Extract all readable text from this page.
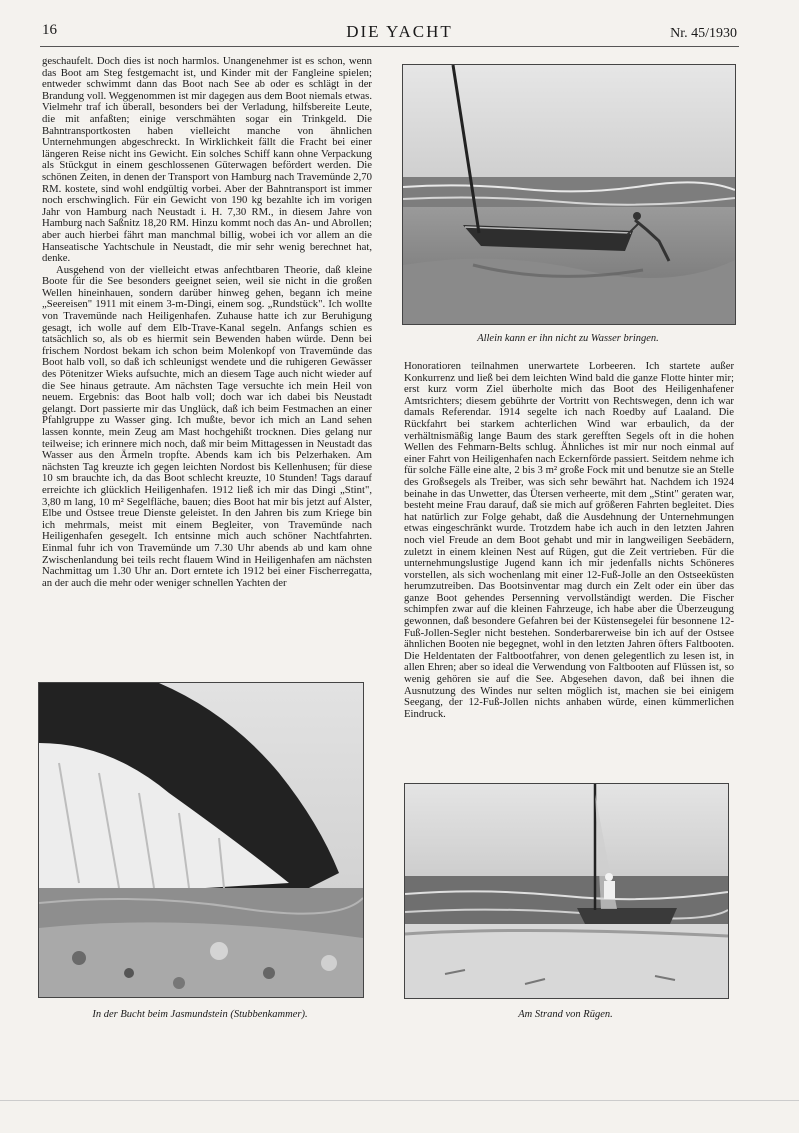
16	DIE YACHT	Nr. 45/1930

geschaufelt. Doch dies ist noch harmlos. Unangenehmer ist es schon, wenn das Boot am Steg festgemacht ist, und Kinder mit der Fangleine spielen; entweder schwimmt dann das Boot nach See ab oder es schlägt in der Brandung voll. Weggenommen ist mir dagegen aus dem Boot niemals etwas. Vielmehr traf ich überall, besonders bei der Verladung, hilfsbereite Leute, die mit anfaßten; einige verschmähten sogar ein Trinkgeld. Die Bahntransportkosten haben vielleicht manche von ähnlichen Unternehmungen abgeschreckt. In Wirklichkeit fällt die Fracht bei einer längeren Reise nicht ins Gewicht. Ein solches Schiff kann ohne Verpackung als Stückgut in einem geschlossenen Güterwagen befördert werden. Die schönen Zeiten, in denen der Transport von Hamburg nach Travemünde 2,70 RM. kostete, sind wohl endgültig vorbei. Aber der Bahntransport ist immer noch erschwinglich. Für ein Gewicht von 190 kg bezahlte ich im vorigen Jahr von Hamburg nach Neustadt i. H. 7,30 RM., in diesem Jahre von Hamburg nach Saßnitz 18,20 RM. Hinzu kommt noch das An- und Abrollen; aber auch hierbei fährt man manchmal billig, wobei ich vor allem an die Hanseatische Yachtschule in Neustadt, die mir sehr wenig berechnet hat, denke.

Ausgehend von der vielleicht etwas anfechtbaren Theorie, daß kleine Boote für die See besonders geeignet seien, weil sie nicht in die großen Wellen hineinhauen, sondern darüber hinweg gehen, begann ich meine „Seereisen" 1911 mit einem 3-m-Dingi, einem sog. „Rundstück". Ich wollte von Travemünde nach Heiligenhafen. Zuhause hatte ich zur Beruhigung gesagt, ich wolle auf dem Elb-Trave-Kanal segeln. Anfangs schien es tatsächlich so, als ob es hiermit sein Bewenden haben würde. Denn bei frischem Nordost bekam ich schon beim Molenkopf von Travemünde das Boot halb voll, so daß ich schleunigst wendete und die ruhigeren Gewässer des Pötenitzer Wieks aufsuchte, mich an diesem Tage auch nicht wieder auf die See hinaus getraute. Am nächsten Tage versuchte ich mein Heil von neuem. Ergebnis: das Boot halb voll; doch war ich dabei bis Neustadt gelangt. Dort passierte mir das Unglück, daß ich beim Festmachen an einer Pfahlgruppe zu Wasser ging. Ich mußte, bevor ich mich an Land sehen lassen konnte, mein Zeug am Mast hochgehißt trocknen. Dies gelang nur teilweise; ich erinnere mich noch, daß mir beim Mittagessen in Neustadt das Wasser aus den Ärmeln tropfte. Abends kam ich bis Pelzerhaken. Am nächsten Tag kreuzte ich gegen leichten Nordost bis Kellenhusen; für diese 10 sm brauchte ich, da das Boot schlecht kreuzte, 10 Stunden! Tags darauf erreichte ich glücklich Heiligenhafen. 1912 ließ ich mir das Dingi „Stint", 3,80 m lang, 10 m² Segelfläche, bauen; dies Boot hat mir bis jetzt auf Alster, Elbe und Ostsee treue Dienste geleistet. In den Jahren bis zum Kriege bin ich mehrmals, meist mit einem Begleiter, von Travemünde nach Heiligenhafen gesegelt. Ich entsinne mich auch schöner Nachtfahrten. Einmal fuhr ich von Travemünde um 7.30 Uhr abends ab und kam ohne Zwischenlandung bei teils recht flauem Wind in Heiligenhafen am nächsten Nachmittag um 1.30 Uhr an. Dort erntete ich 1912 bei einer Fischerregatta, an der auch die mehr oder weniger schnellen Yachten der

Allein kann er ihn nicht zu Wasser bringen.

Honoratioren teilnahmen unerwartete Lorbeeren. Ich startete außer Konkurrenz und ließ bei dem leichten Wind bald die ganze Flotte hinter mir; erst kurz vorm Ziel überholte mich das Boot des Heiligenhafener Amtsrichters; diesem gebührte der Vortritt von Rechtswegen, denn ich war damals Referendar. 1914 segelte ich nach Roedby auf Laaland. Die Rückfahrt bei starkem achterlichen Wind war erbaulich, da der verhältnismäßig lange Baum des stark gerefften Segels oft in die hohen Wellen des Fehmarn-Belts schlug. Ähnliches ist mir nur noch einmal auf einer Fahrt von Heiligenhafen nach Eckernförde passiert. Seitdem nehme ich für solche Fälle eine alte, 2 bis 3 m² große Fock mit und benutze sie an Stelle des Großsegels als Treiber, was sich sehr bewährt hat. Nachdem ich 1924 beinahe in das Unwetter, das Ütersen verheerte, mit dem „Stint" geraten war, besteht meine Frau darauf, daß sie mich auf größeren Fahrten begleitet. Dies hat natürlich zur Folge gehabt, daß die Ausdehnung der Unternehmungen etwas eingeschränkt wurde. Trotzdem habe ich auch in den letzten Jahren noch viel Freude an dem Boot gehabt und mir in langweiligen Seebädern, zuletzt in einem kleinen Nest auf Rügen, gut die Zeit vertrieben. Für die unternehmungslustige Jugend kann ich mir jedenfalls nichts Schöneres vorstellen, als sich wochenlang mit einer 12-Fuß-Jolle an den Ostseeküsten herumzutreiben. Das Bootsinventar mag durch ein Zelt oder ein über das ganze Boot gehendes Persenning vervollständigt werden. Die Fischer schimpfen zwar auf die kleinen Fahrzeuge, ich habe aber die Überzeugung gewonnen, daß besondere Gefahren bei der Küstensegelei für besonnene 12-Fuß-Jollen-Segler nicht bestehen. Sonderbarerweise bin ich auf der Ostsee ähnlichen Booten nie begegnet, wohl in den letzten Jahren öfters Faltbooten. Die Heldentaten der Faltbootfahrer, von denen gelegentlich zu lesen ist, in allen Ehren; aber so ideal die Verwendung von Faltbooten auf Flüssen ist, so wenig gehören sie auf die See. Abgesehen davon, daß bei ihnen die Ausnutzung des Windes nur selten möglich ist, machen sie bei einigem Seegang, der 12-Fuß-Jollen nichts anhaben würde, einen kümmerlichen Eindruck.

In der Bucht beim Jasmundstein (Stubbenkammer).	Am Strand von Rügen.
